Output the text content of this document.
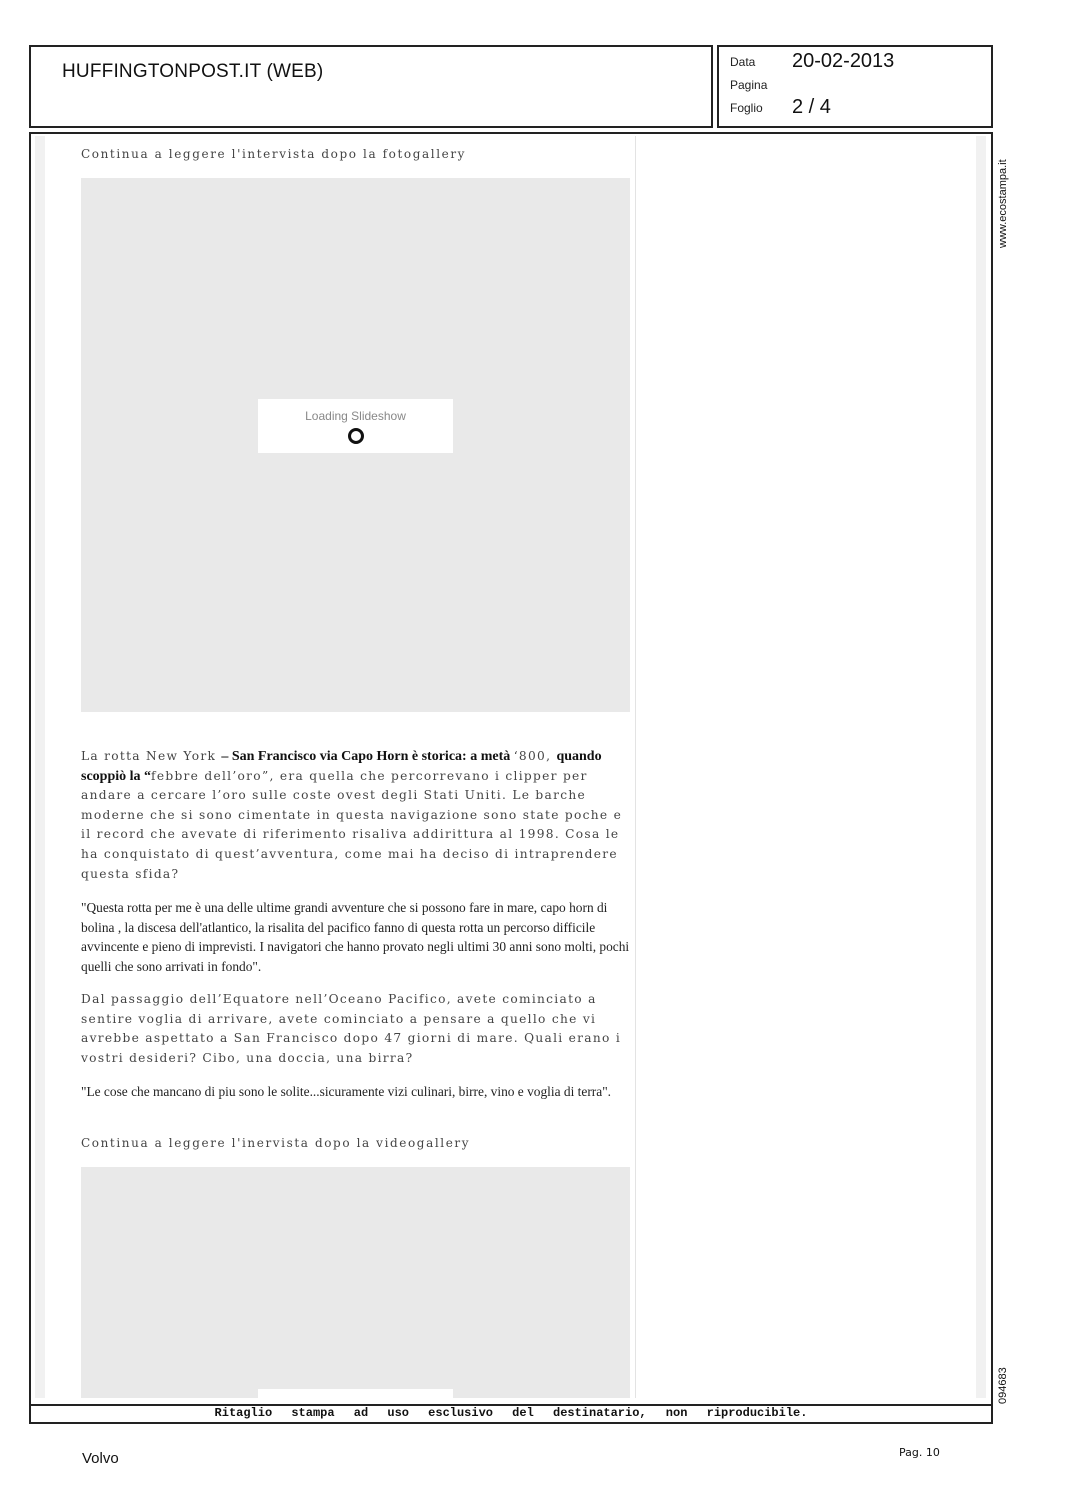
HUFFINGTONPOST.IT (WEB)	Data 20-02-2013
Pagina
Foglio 2 / 4
www.ecostampa.it
094683
Continua a leggere l'intervista dopo la fotogallery
Loading Slideshow
La rotta New York – San Francisco via Capo Horn è storica: a metà ‘800, quando scoppiò la “febbre dell’oro”, era quella che percorrevano i clipper per andare a cercare l’oro sulle coste ovest degli Stati Uniti. Le barche moderne che si sono cimentate in questa navigazione sono state poche e il record che avevate di riferimento risaliva addirittura al 1998. Cosa le ha conquistato di quest’avventura, come mai ha deciso di intraprendere questa sfida?
"Questa rotta per me è una delle ultime grandi avventure che si possono fare in mare, capo horn di bolina , la discesa dell'atlantico, la risalita del pacifico fanno di questa rotta un percorso difficile avvincente e pieno di imprevisti. I navigatori che hanno provato negli ultimi 30 anni sono molti, pochi quelli che sono arrivati in fondo".
Dal passaggio dell’Equatore nell’Oceano Pacifico, avete cominciato a sentire voglia di arrivare, avete cominciato a pensare a quello che vi avrebbe aspettato a San Francisco dopo 47 giorni di mare. Quali erano i vostri desideri? Cibo, una doccia, una birra?
"Le cose che mancano di piu sono le solite...sicuramente vizi culinari, birre, vino e voglia di terra".
Continua a leggere l'inervista dopo la videogallery
Ritaglio stampa ad uso esclusivo del destinatario, non riproducibile.
Volvo	Pag. 10
